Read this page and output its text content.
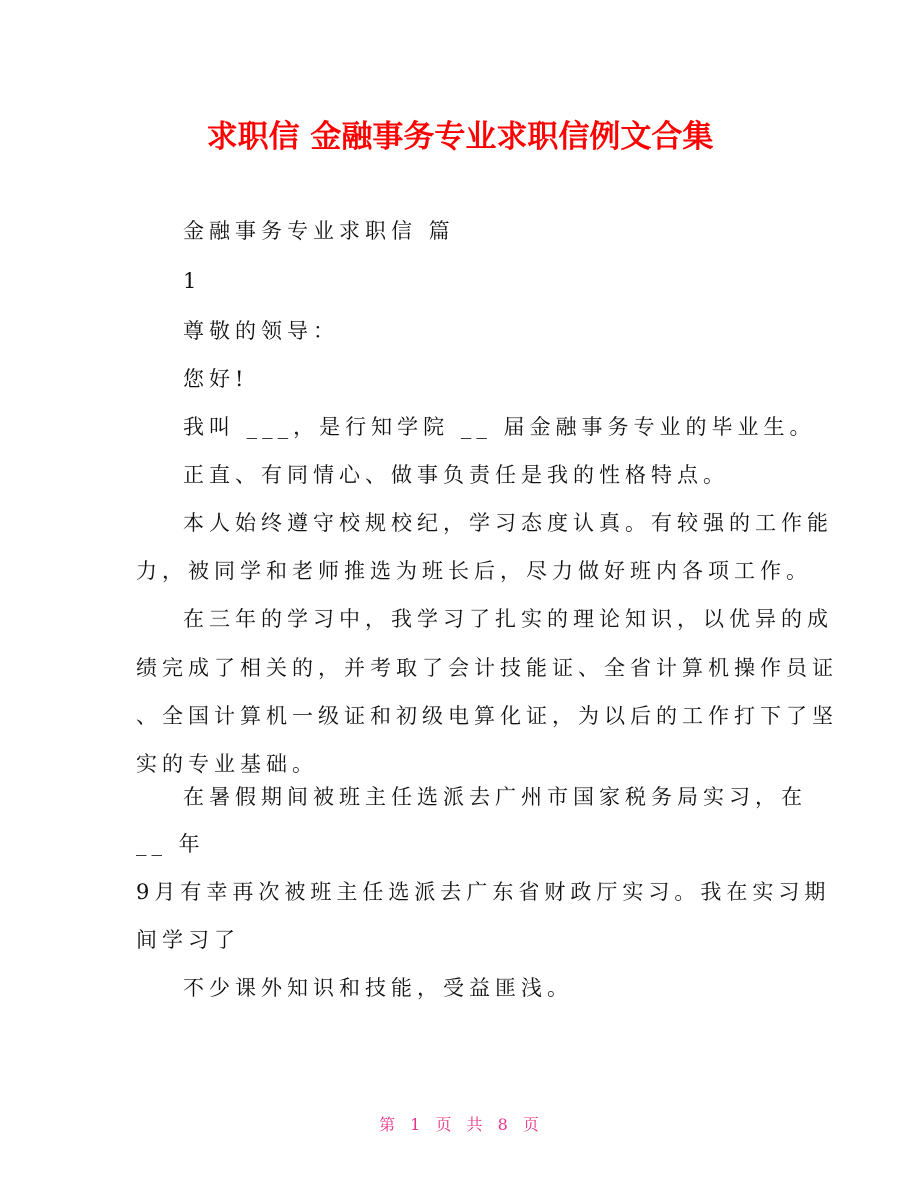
求职信 金融事务专业求职信例文合集
金融事务专业求职信 篇
1
尊敬的领导：
您好!
我叫 ___，是行知学院 __ 届金融事务专业的毕业生。
正直、有同情心、做事负责任是我的性格特点。
本人始终遵守校规校纪，学习态度认真。有较强的工作能
力，被同学和老师推选为班长后，尽力做好班内各项工作。
在三年的学习中，我学习了扎实的理论知识，以优异的成
绩完成了相关的，并考取了会计技能证、全省计算机操作员证
、全国计算机一级证和初级电算化证，为以后的工作打下了坚
实的专业基础。
在暑假期间被班主任选派去广州市国家税务局实习，在
__ 年
9月有幸再次被班主任选派去广东省财政厅实习。我在实习期
间学习了
不少课外知识和技能，受益匪浅。
第 1 页 共 8 页
